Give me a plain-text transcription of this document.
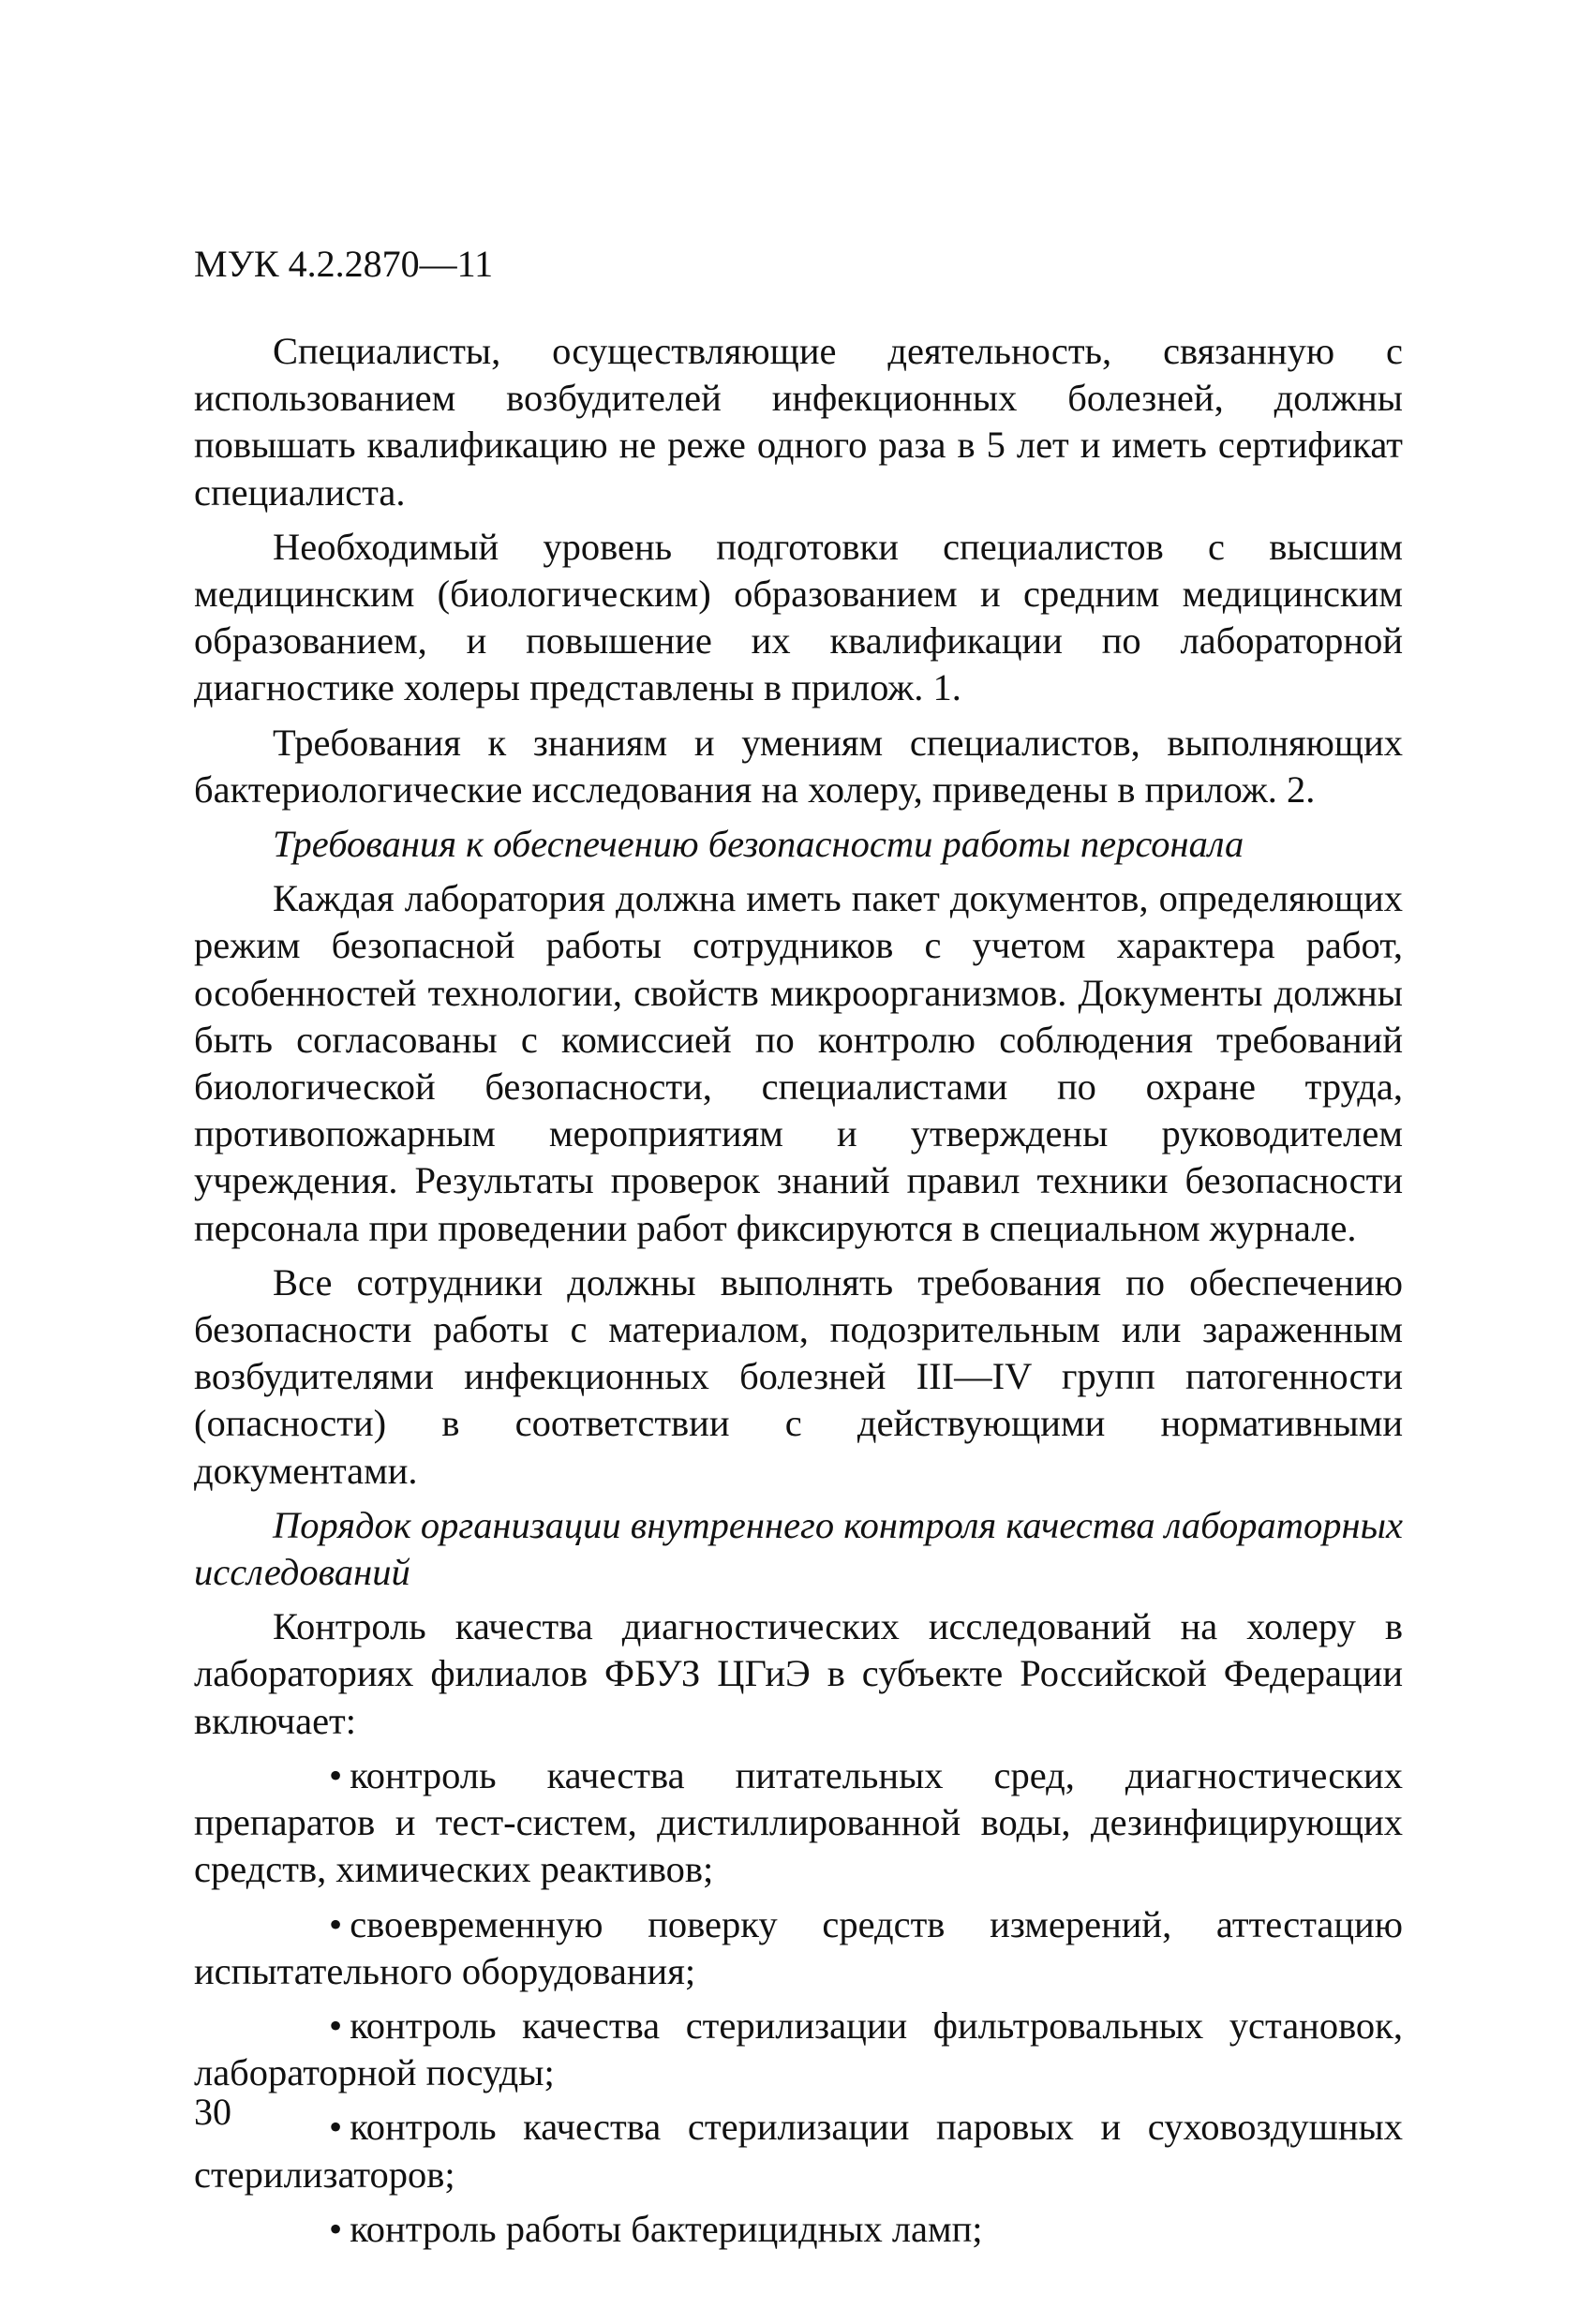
МУК 4.2.2870—11

Специалисты, осуществляющие деятельность, связанную с использованием возбудителей инфекционных болезней, должны повышать квалификацию не реже одного раза в 5 лет и иметь сертификат специалиста.

Необходимый уровень подготовки специалистов с высшим медицинским (биологическим) образованием и средним медицинским образованием, и повышение их квалификации по лабораторной диагностике холеры представлены в прилож. 1.

Требования к знаниям и умениям специалистов, выполняющих бактериологические исследования на холеру, приведены в прилож. 2.

Требования к обеспечению безопасности работы персонала

Каждая лаборатория должна иметь пакет документов, определяющих режим безопасной работы сотрудников с учетом характера работ, особенностей технологии, свойств микроорганизмов. Документы должны быть согласованы с комиссией по контролю соблюдения требований биологической безопасности, специалистами по охране труда, противопожарным мероприятиям и утверждены руководителем учреждения. Результаты проверок знаний правил техники безопасности персонала при проведении работ фиксируются в специальном журнале.

Все сотрудники должны выполнять требования по обеспечению безопасности работы с материалом, подозрительным или зараженным возбудителями инфекционных болезней III—IV групп патогенности (опасности) в соответствии с действующими нормативными документами.

Порядок организации внутреннего контроля качества лабораторных исследований

Контроль качества диагностических исследований на холеру в лабораториях филиалов ФБУЗ ЦГиЭ в субъекте Российской Федерации включает:

• контроль качества питательных сред, диагностических препаратов и тест-систем, дистиллированной воды, дезинфицирующих средств, химических реактивов;

• своевременную поверку средств измерений, аттестацию испытательного оборудования;

• контроль качества стерилизации фильтровальных установок, лабораторной посуды;

• контроль качества стерилизации паровых и суховоздушных стерилизаторов;

• контроль работы бактерицидных ламп;

30
